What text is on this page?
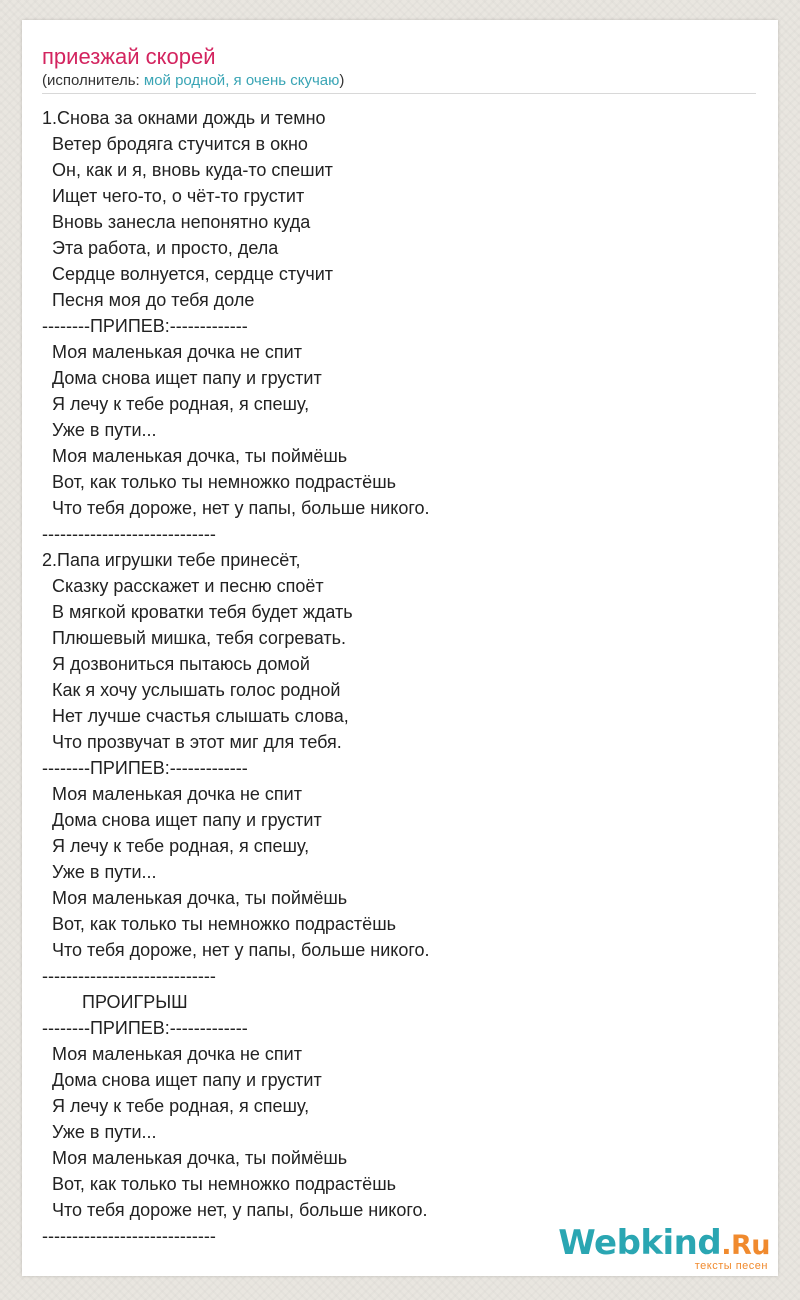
приезжай скорей
(исполнитель: мой родной, я очень скучаю)
1.Снова за окнами дождь и темно
Ветер бродяга стучится в окно
Он, как и я, вновь куда-то спешит
Ищет чего-то, о чёт-то грустит
Вновь занесла непонятно куда
Эта работа, и просто, дела
Сердце волнуется, сердце стучит
Песня моя до тебя доле
--------ПРИПЕВ:-------------
Моя маленькая дочка не спит
Дома снова ищет папу и грустит
Я лечу к тебе родная, я спешу,
Уже в пути...
Моя маленькая дочка, ты поймёшь
Вот, как только ты немножко подрастёшь
Что тебя дороже, нет у папы, больше никого.
-----------------------------
2.Папа игрушки тебе принесёт,
Сказку расскажет и песню споёт
В мягкой кроватки тебя будет ждать
Плюшевый мишка, тебя согревать.
Я дозвониться пытаюсь домой
Как я хочу услышать голос родной
Нет лучше счастья слышать слова,
Что прозвучат в этот миг для тебя.
--------ПРИПЕВ:-------------
Моя маленькая дочка не спит
Дома снова ищет папу и грустит
Я лечу к тебе родная, я спешу,
Уже в пути...
Моя маленькая дочка, ты поймёшь
Вот, как только ты немножко подрастёшь
Что тебя дороже, нет у папы, больше никого.
-----------------------------
ПРОИГРЫШ
--------ПРИПЕВ:-------------
Моя маленькая дочка не спит
Дома снова ищет папу и грустит
Я лечу к тебе родная, я спешу,
Уже в пути...
Моя маленькая дочка, ты поймёшь
Вот, как только ты немножко подрастёшь
Что тебя дороже нет, у папы, больше никого.
-----------------------------	Webkind.Ru
тексты песен
